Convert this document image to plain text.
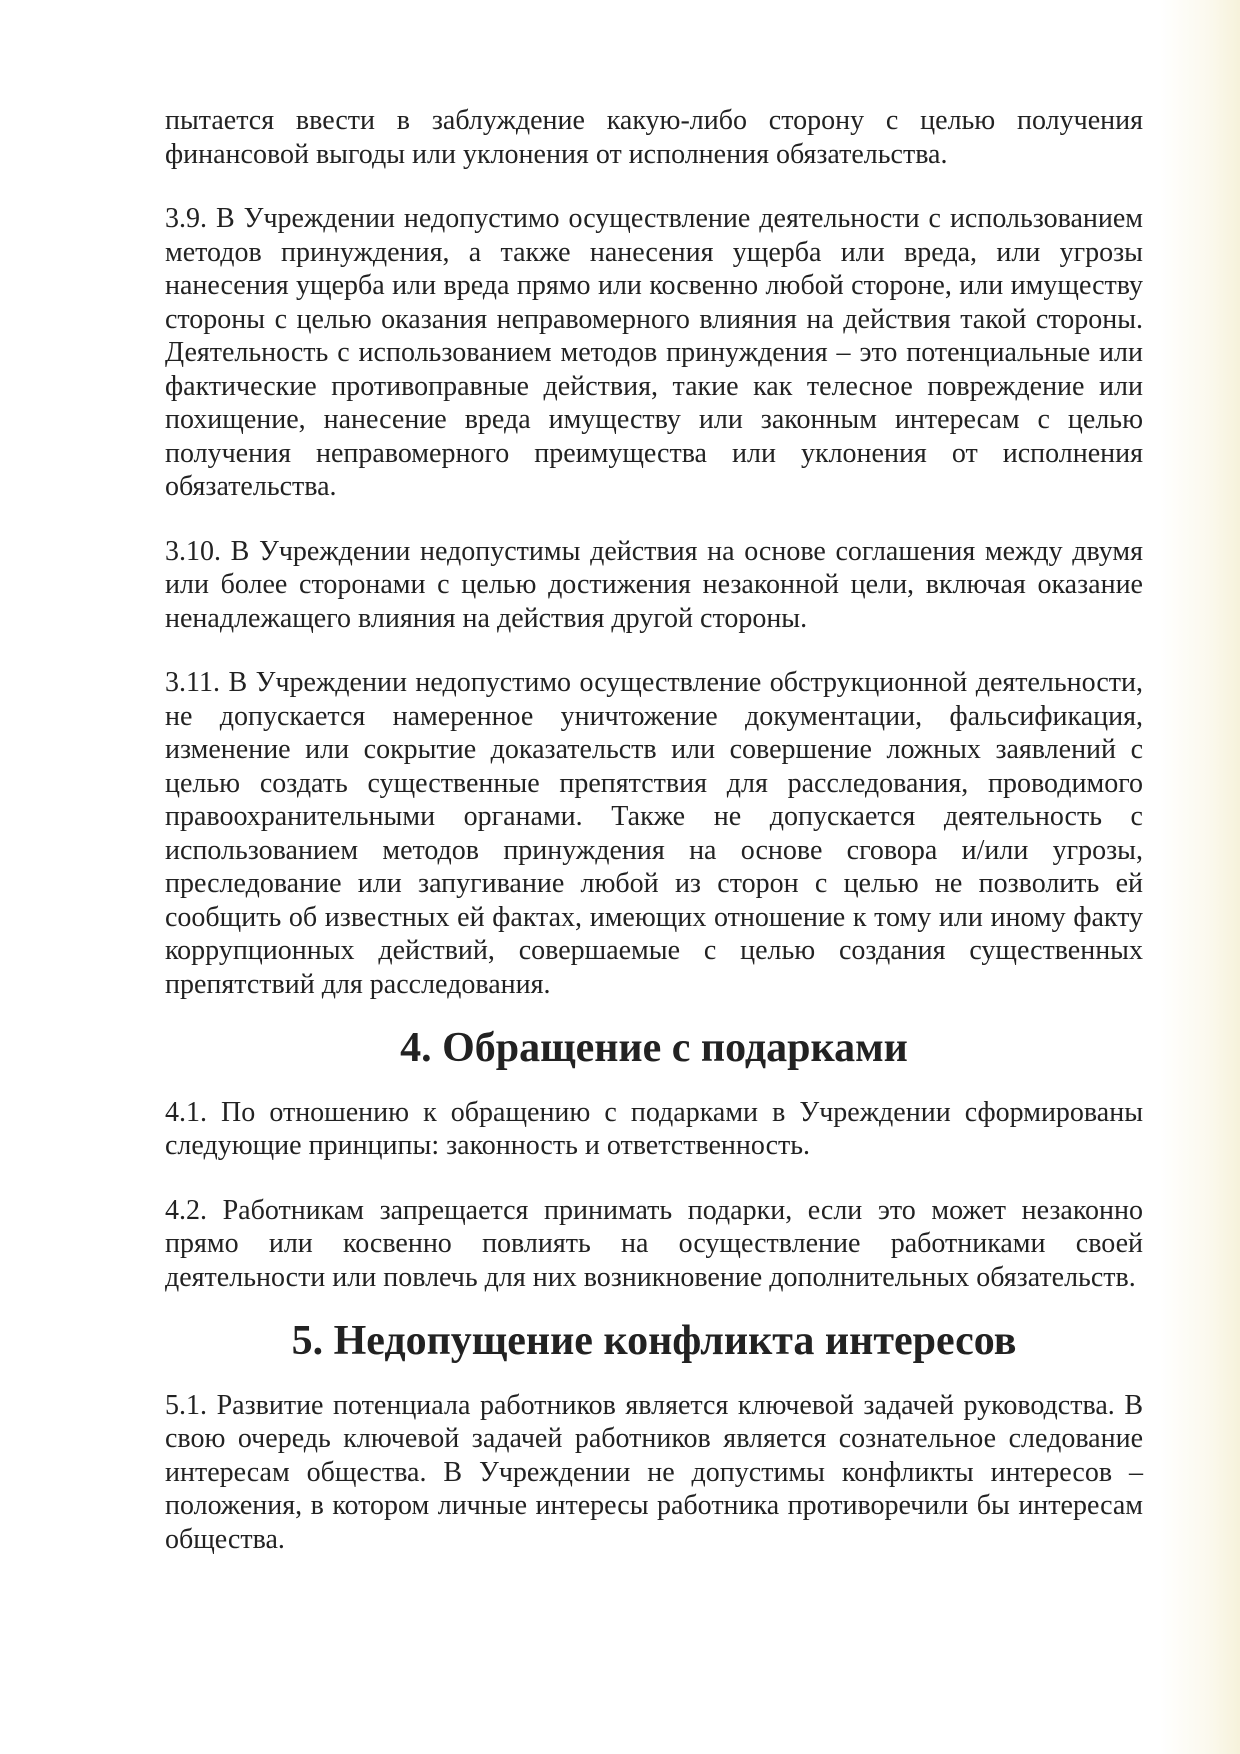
пытается ввести в заблуждение какую-либо сторону с целью получения финансовой выгоды или уклонения от исполнения обязательства.

3.9. В Учреждении недопустимо осуществление деятельности с использованием методов принуждения, а также нанесения ущерба или вреда, или угрозы нанесения ущерба или вреда прямо или косвенно любой стороне, или имуществу стороны с целью оказания неправомерного влияния на действия такой стороны. Деятельность с использованием методов принуждения – это потенциальные или фактические противоправные действия, такие как телесное повреждение или похищение, нанесение вреда имуществу или законным интересам с целью получения неправомерного преимущества или уклонения от исполнения обязательства.

3.10. В Учреждении недопустимы действия на основе соглашения между двумя или более сторонами с целью достижения незаконной цели, включая оказание ненадлежащего влияния на действия другой стороны.

3.11. В Учреждении недопустимо осуществление обструкционной деятельности, не допускается намеренное уничтожение документации, фальсификация, изменение или сокрытие доказательств или совершение ложных заявлений с целью создать существенные препятствия для расследования, проводимого правоохранительными органами. Также не допускается деятельность с использованием методов принуждения на основе сговора и/или угрозы, преследование или запугивание любой из сторон с целью не позволить ей сообщить об известных ей фактах, имеющих отношение к тому или иному факту коррупционных действий, совершаемые с целью создания существенных препятствий для расследования.

4. Обращение с подарками

4.1. По отношению к обращению с подарками в Учреждении сформированы следующие принципы: законность и ответственность.

4.2. Работникам запрещается принимать подарки, если это может незаконно прямо или косвенно повлиять на осуществление работниками своей деятельности или повлечь для них возникновение дополнительных обязательств.

5. Недопущение конфликта интересов

5.1. Развитие потенциала работников является ключевой задачей руководства. В свою очередь ключевой задачей работников является сознательное следование интересам общества. В Учреждении не допустимы конфликты интересов – положения, в котором личные интересы работника противоречили бы интересам общества.
